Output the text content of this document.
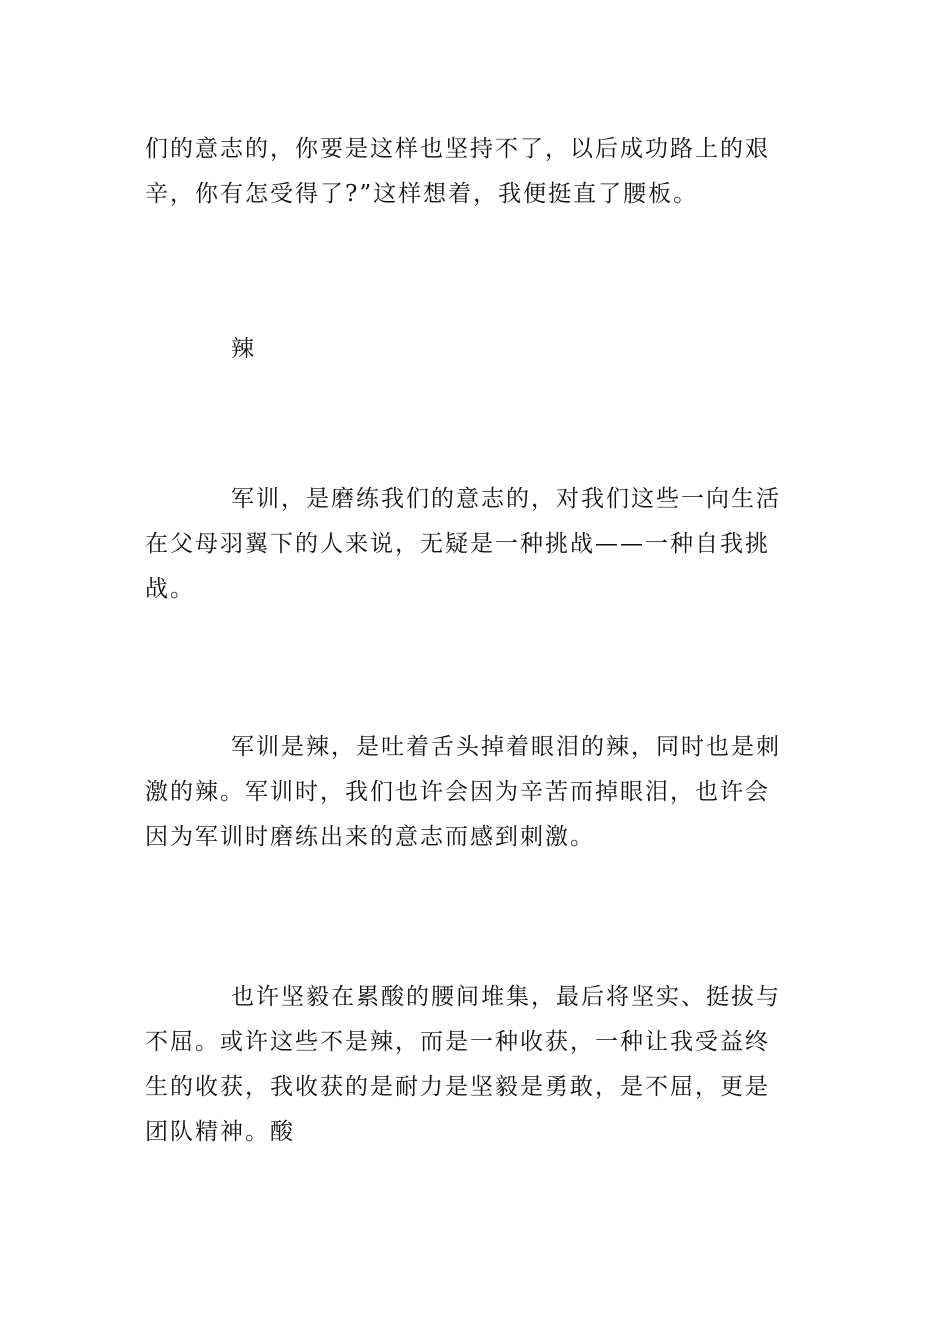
们的意志的，你要是这样也坚持不了，以后成功路上的艰
辛，你有怎受得了?”这样想着，我便挺直了腰板。
辣
军训，是磨练我们的意志的，对我们这些一向生活
在父母羽翼下的人来说，无疑是一种挑战——一种自我挑
战。
军训是辣，是吐着舌头掉着眼泪的辣，同时也是刺
激的辣。军训时，我们也许会因为辛苦而掉眼泪，也许会
因为军训时磨练出来的意志而感到刺激。
也许坚毅在累酸的腰间堆集，最后将坚实、挺拔与
不屈。或许这些不是辣，而是一种收获，一种让我受益终
生的收获，我收获的是耐力是坚毅是勇敢，是不屈，更是
团队精神。酸
